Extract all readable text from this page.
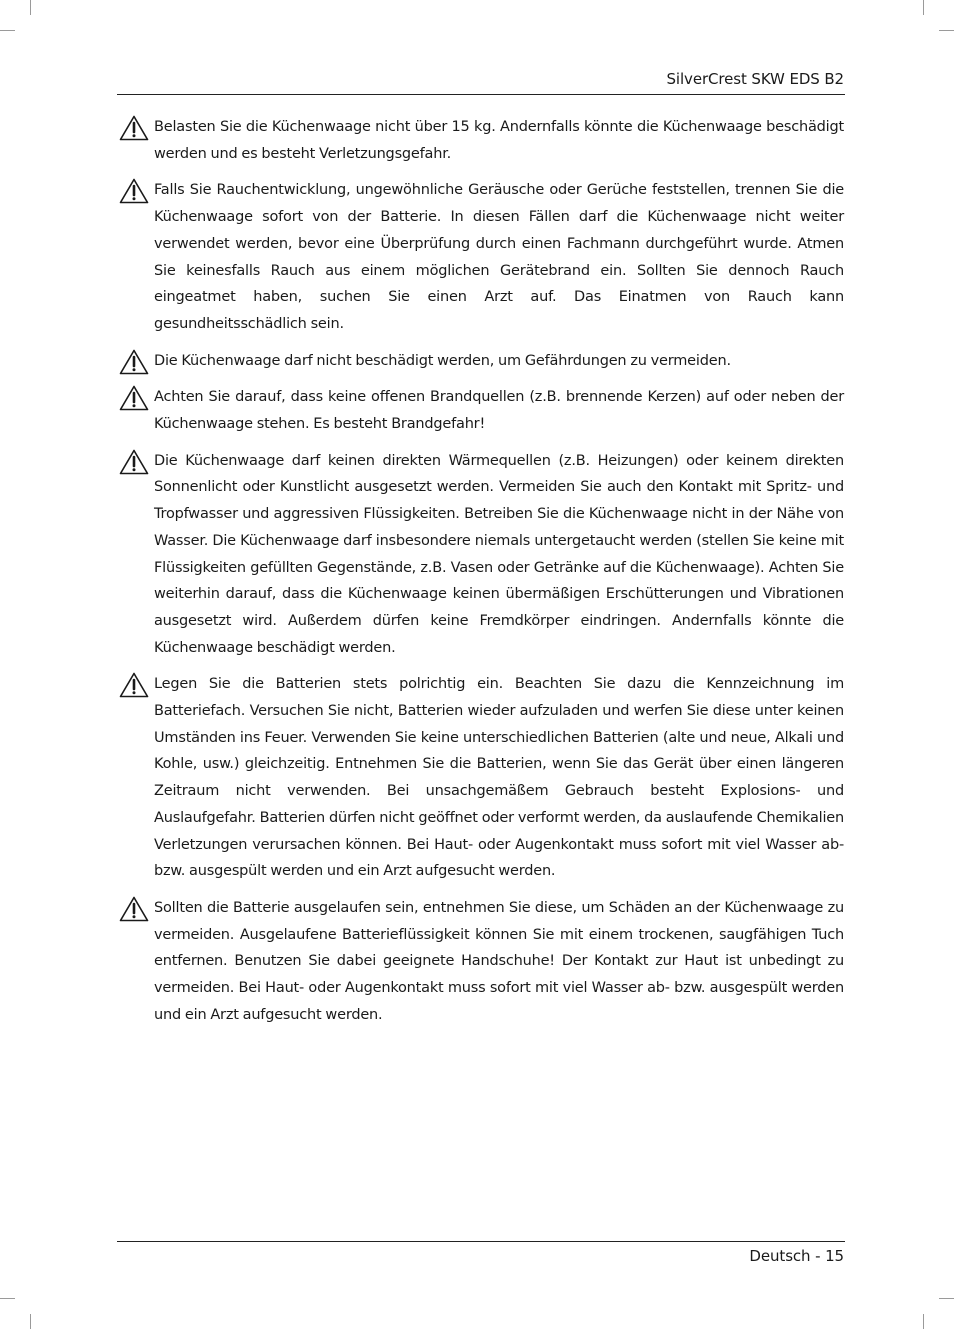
SilverCrest SKW EDS B2

Belasten Sie die Küchenwaage nicht über 15 kg. Andernfalls könnte die Küchenwaage beschädigt werden und es besteht Verletzungsgefahr.

Falls Sie Rauchentwicklung, ungewöhnliche Geräusche oder Gerüche feststellen, trennen Sie die Küchenwaage sofort von der Batterie. In diesen Fällen darf die Küchenwaage nicht weiter verwendet werden, bevor eine Überprüfung durch einen Fachmann durchgeführt wurde. Atmen Sie keinesfalls Rauch aus einem möglichen Gerätebrand ein. Sollten Sie dennoch Rauch eingeatmet haben, suchen Sie einen Arzt auf. Das Einatmen von Rauch kann gesundheitsschädlich sein.

Die Küchenwaage darf nicht beschädigt werden, um Gefährdungen zu vermeiden.

Achten Sie darauf, dass keine offenen Brandquellen (z.B. brennende Kerzen) auf oder neben der Küchenwaage stehen. Es besteht Brandgefahr!

Die Küchenwaage darf keinen direkten Wärmequellen (z.B. Heizungen) oder keinem direkten Sonnenlicht oder Kunstlicht ausgesetzt werden. Vermeiden Sie auch den Kontakt mit Spritz- und Tropfwasser und aggressiven Flüssigkeiten. Betreiben Sie die Küchenwaage nicht in der Nähe von Wasser. Die Küchenwaage darf insbesondere niemals untergetaucht werden (stellen Sie keine mit Flüssigkeiten gefüllten Gegenstände, z.B. Vasen oder Getränke auf die Küchenwaage). Achten Sie weiterhin darauf, dass die Küchenwaage keinen übermäßigen Erschütterungen und Vibrationen ausgesetzt wird. Außerdem dürfen keine Fremdkörper eindringen. Andernfalls könnte die Küchenwaage beschädigt werden.

Legen Sie die Batterien stets polrichtig ein. Beachten Sie dazu die Kennzeichnung im Batteriefach. Versuchen Sie nicht, Batterien wieder aufzuladen und werfen Sie diese unter keinen Umständen ins Feuer. Verwenden Sie keine unterschiedlichen Batterien (alte und neue, Alkali und Kohle, usw.) gleichzeitig. Entnehmen Sie die Batterien, wenn Sie das Gerät über einen längeren Zeitraum nicht verwenden. Bei unsachgemäßem Gebrauch besteht Explosions- und Auslaufgefahr. Batterien dürfen nicht geöffnet oder verformt werden, da auslaufende Chemikalien Verletzungen verursachen können. Bei Haut- oder Augenkontakt muss sofort mit viel Wasser ab- bzw. ausgespült werden und ein Arzt aufgesucht werden.

Sollten die Batterie ausgelaufen sein, entnehmen Sie diese, um Schäden an der Küchenwaage zu vermeiden. Ausgelaufene Batterieflüssigkeit können Sie mit einem trockenen, saugfähigen Tuch entfernen. Benutzen Sie dabei geeignete Handschuhe! Der Kontakt zur Haut ist unbedingt zu vermeiden. Bei Haut- oder Augenkontakt muss sofort mit viel Wasser ab- bzw. ausgespült werden und ein Arzt aufgesucht werden.

Deutsch - 15
